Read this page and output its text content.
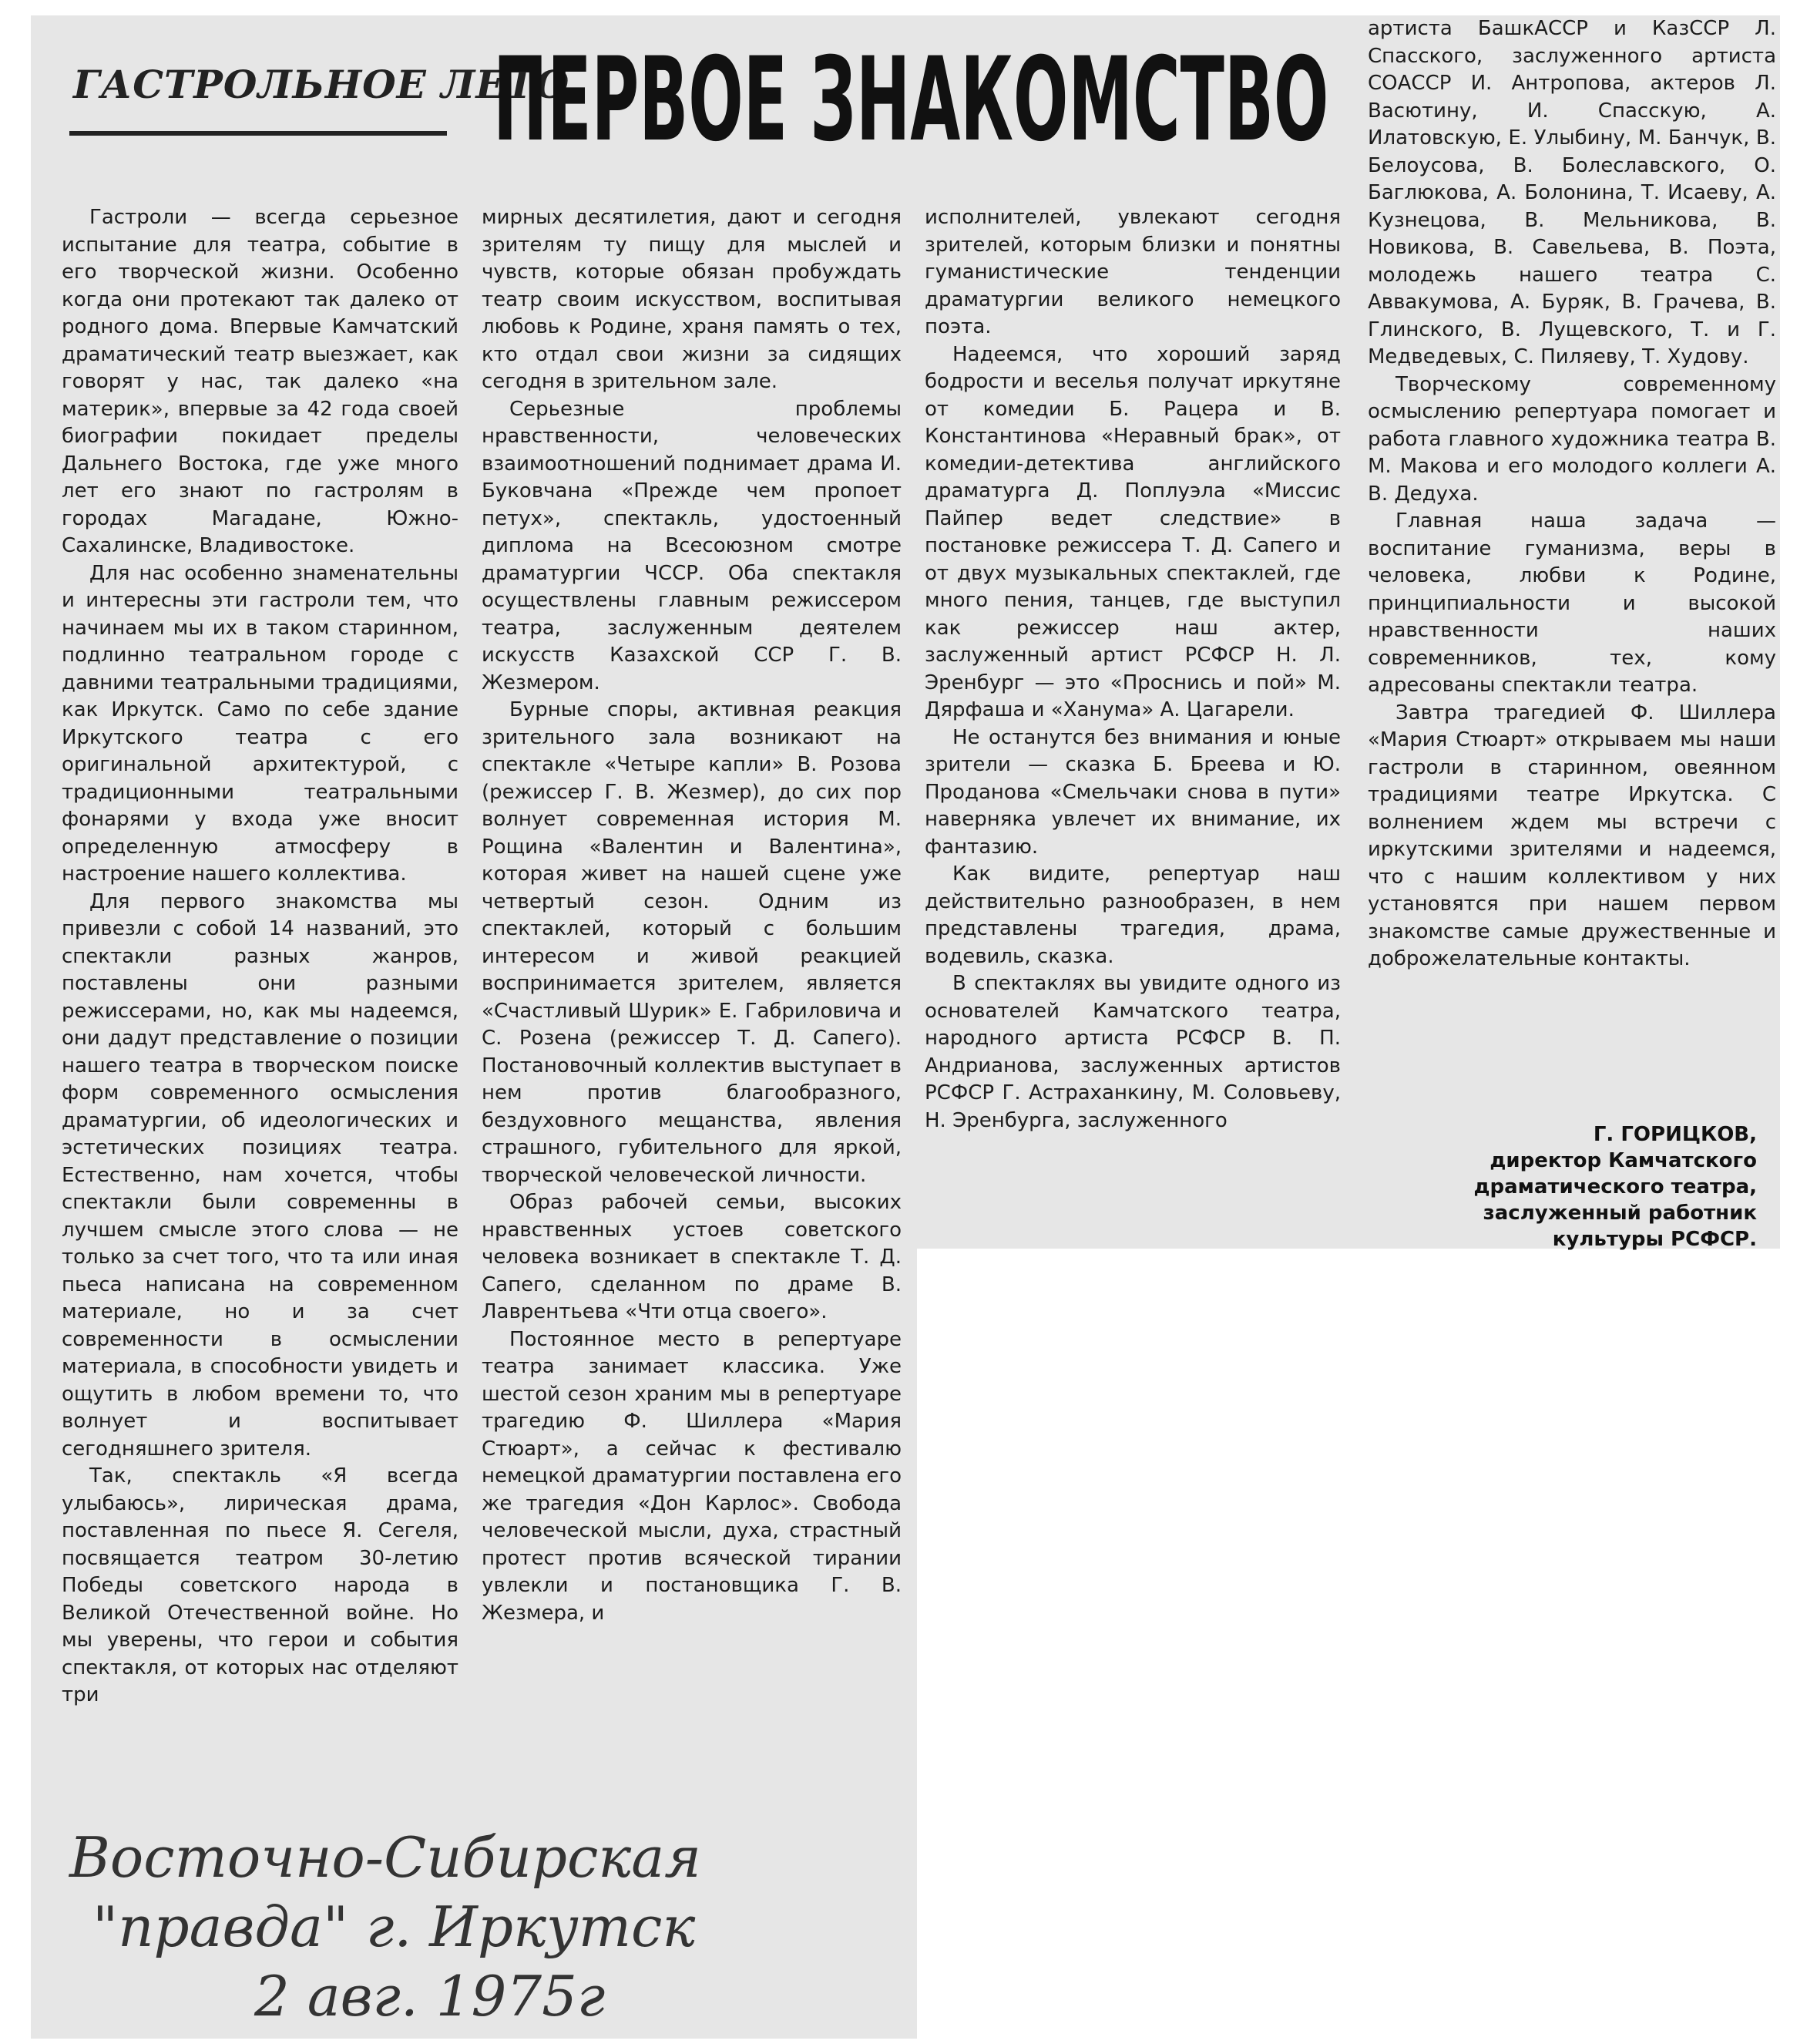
ГАСТРОЛЬНОЕ ЛЕТО
ПЕРВОЕ ЗНАКОМСТВО

Гастроли — всегда серьезное испытание для театра, событие в его творческой жизни. Особенно когда они протекают так далеко от родного дома. Впервые Камчатский драматический театр выезжает, как говорят у нас, так далеко «на материк», впервые за 42 года своей биографии покидает пределы Дальнего Востока, где уже много лет его знают по гастролям в городах Магадане, Южно-Сахалинске, Владивостоке.

Для нас особенно знаменательны и интересны эти гастроли тем, что начинаем мы их в таком старинном, подлинно театральном городе с давними театральными традициями, как Иркутск. Само по себе здание Иркутского театра с его оригинальной архитектурой, с традиционными театральными фонарями у входа уже вносит определенную атмосферу в настроение нашего коллектива.

Для первого знакомства мы привезли с собой 14 названий, это спектакли разных жанров, поставлены они разными режиссерами, но, как мы надеемся, они дадут представление о позиции нашего театра в творческом поиске форм современного осмысления драматургии, об идеологических и эстетических позициях театра. Естественно, нам хочется, чтобы спектакли были современны в лучшем смысле этого слова — не только за счет того, что та или иная пьеса написана на современном материале, но и за счет современности в осмыслении материала, в способности увидеть и ощутить в любом времени то, что волнует и воспитывает сегодняшнего зрителя.

Так, спектакль «Я всегда улыбаюсь», лирическая драма, поставленная по пьесе Я. Сегеля, посвящается театром 30-летию Победы советского народа в Великой Отечественной войне. Но мы уверены, что герои и события спектакля, от которых нас отделяют три

мирных десятилетия, дают и сегодня зрителям ту пищу для мыслей и чувств, которые обязан пробуждать театр своим искусством, воспитывая любовь к Родине, храня память о тех, кто отдал свои жизни за сидящих сегодня в зрительном зале.

Серьезные проблемы нравственности, человеческих взаимоотношений поднимает драма И. Буковчана «Прежде чем пропоет петух», спектакль, удостоенный диплома на Всесоюзном смотре драматургии ЧССР. Оба спектакля осуществлены главным режиссером театра, заслуженным деятелем искусств Казахской ССР Г. В. Жезмером.

Бурные споры, активная реакция зрительного зала возникают на спектакле «Четыре капли» В. Розова (режиссер Г. В. Жезмер), до сих пор волнует современная история М. Рощина «Валентин и Валентина», которая живет на нашей сцене уже четвертый сезон. Одним из спектаклей, который с большим интересом и живой реакцией воспринимается зрителем, является «Счастливый Шурик» Е. Габриловича и С. Розена (режиссер Т. Д. Сапего). Постановочный коллектив выступает в нем против благообразного, бездуховного мещанства, явления страшного, губительного для яркой, творческой человеческой личности.

Образ рабочей семьи, высоких нравственных устоев советского человека возникает в спектакле Т. Д. Сапего, сделанном по драме В. Лаврентьева «Чти отца своего».

Постоянное место в репертуаре театра занимает классика. Уже шестой сезон храним мы в репертуаре трагедию Ф. Шиллера «Мария Стюарт», а сейчас к фестивалю немецкой драматургии поставлена его же трагедия «Дон Карлос». Свобода человеческой мысли, духа, страстный протест против всяческой тирании увлекли и постановщика Г. В. Жезмера, и

исполнителей, увлекают сегодня зрителей, которым близки и понятны гуманистические тенденции драматургии великого немецкого поэта.

Надеемся, что хороший заряд бодрости и веселья получат иркутяне от комедии Б. Рацера и В. Константинова «Неравный брак», от комедии-детектива английского драматурга Д. Поплуэла «Миссис Пайпер ведет следствие» в постановке режиссера Т. Д. Сапего и от двух музыкальных спектаклей, где много пения, танцев, где выступил как режиссер наш актер, заслуженный артист РСФСР Н. Л. Эренбург — это «Проснись и пой» М. Дярфаша и «Ханума» А. Цагарели.

Не останутся без внимания и юные зрители — сказка Б. Бреева и Ю. Проданова «Смельчаки снова в пути» наверняка увлечет их внимание, их фантазию.

Как видите, репертуар наш действительно разнообразен, в нем представлены трагедия, драма, водевиль, сказка.

В спектаклях вы увидите одного из основателей Камчатского театра, народного артиста РСФСР В. П. Андрианова, заслуженных артистов РСФСР Г. Астраханкину, М. Соловьеву, Н. Эренбурга, заслуженного

артиста БашкАССР и КазССР Л. Спасского, заслуженного артиста СОАССР И. Антропова, актеров Л. Васютину, И. Спасскую, А. Илатовскую, Е. Улыбину, М. Банчук, В. Белоусова, В. Болеславского, О. Баглюкова, А. Болонина, Т. Исаеву, А. Кузнецова, В. Мельникова, В. Новикова, В. Савельева, В. Поэта, молодежь нашего театра С. Аввакумова, А. Буряк, В. Грачева, В. Глинского, В. Лущевского, Т. и Г. Медведевых, С. Пиляеву, Т. Худову.

Творческому современному осмыслению репертуара помогает и работа главного художника театра В. М. Макова и его молодого коллеги А. В. Дедуха.

Главная наша задача — воспитание гуманизма, веры в человека, любви к Родине, принципиальности и высокой нравственности наших современников, тех, кому адресованы спектакли театра.

Завтра трагедией Ф. Шиллера «Мария Стюарт» открываем мы наши гастроли в старинном, овеянном традициями театре Иркутска. С волнением ждем мы встречи с иркутскими зрителями и надеемся, что с нашим коллективом у них установятся при нашем первом знакомстве самые дружественные и доброжелательные контакты.

Г. ГОРИЦКОВ,
директор Камчатского драматического театра, заслуженный работник культуры РСФСР.
Восточно-Сибирская
"правда" г. Иркутск
2 авг. 1975г
